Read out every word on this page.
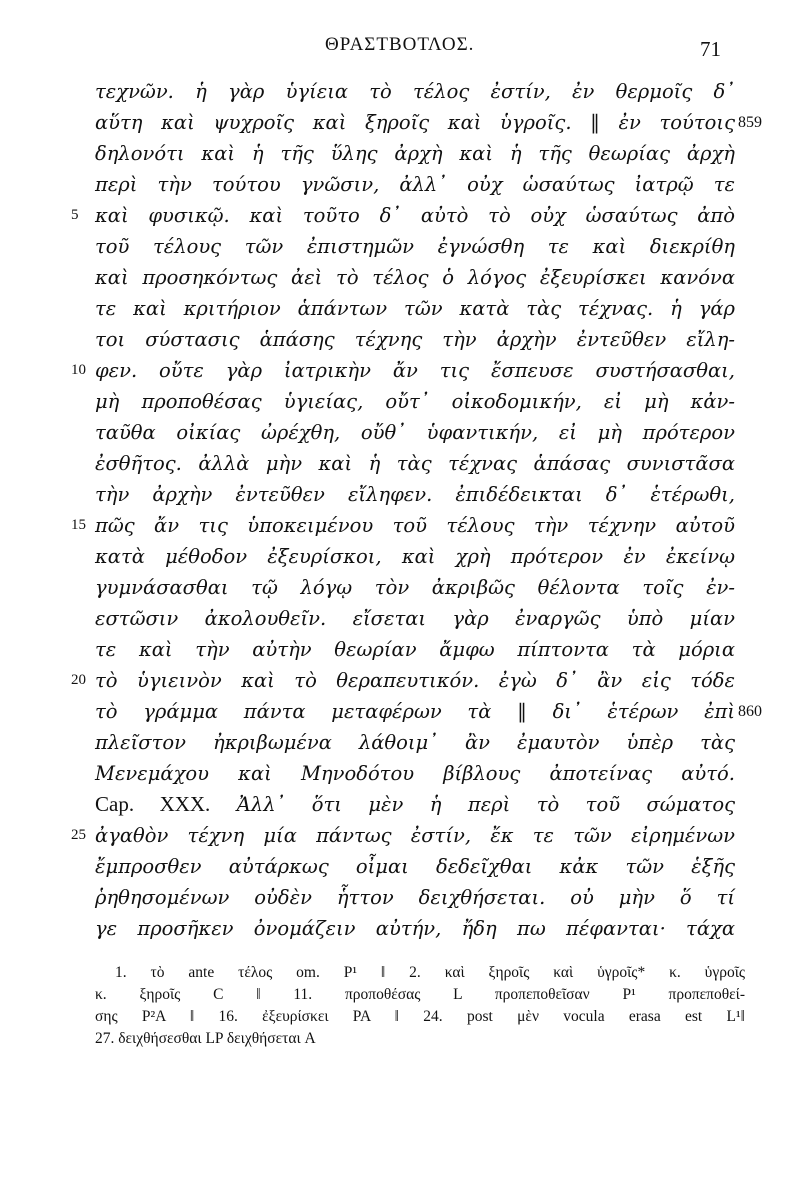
ΘΡΑΣΤΒΟΤΛΟΣ.	71
τεχνῶν. ἡ γὰρ ὑγίεια τὸ τέλος ἐστίν, ἐν θερμοῖς δ᾽
αὕτη καὶ ψυχροῖς καὶ ξηροῖς καὶ ὑγροῖς. ‖ ἐν τούτοις 859
δηλονότι καὶ ἡ τῆς ὕλης ἀρχὴ καὶ ἡ τῆς θεωρίας ἀρχὴ
περὶ τὴν τούτου γνῶσιν, ἀλλ᾽ οὐχ ὡσαύτως ἰατρῷ τε
5 καὶ φυσικῷ. καὶ τοῦτο δ᾽ αὐτὸ τὸ οὐχ ὡσαύτως ἀπὸ
τοῦ τέλους τῶν ἐπιστημῶν ἐγνώσθη τε καὶ διεκρίθη
καὶ προσηκόντως ἀεὶ τὸ τέλος ὁ λόγος ἐξευρίσκει κανόνα
τε καὶ κριτήριον ἁπάντων τῶν κατὰ τὰς τέχνας. ἡ γάρ
τοι σύστασις ἁπάσης τέχνης τὴν ἀρχὴν ἐντεῦθεν εἴλη-
10 φεν. οὔτε γὰρ ἰατρικὴν ἄν τις ἔσπευσε συστήσασθαι,
μὴ προποθέσας ὑγιείας, οὔτ᾽ οἰκοδομικήν, εἰ μὴ κἀν-
ταῦθα οἰκίας ὠρέχθη, οὔθ᾽ ὑφαντικήν, εἰ μὴ πρότερον
ἐσθῆτος. ἀλλὰ μὴν καὶ ἡ τὰς τέχνας ἁπάσας συνιστᾶσα
τὴν ἀρχὴν ἐντεῦθεν εἴληφεν. ἐπιδέδεικται δ᾽ ἑτέρωθι,
15 πῶς ἄν τις ὑποκειμένου τοῦ τέλους τὴν τέχνην αὐτοῦ
κατὰ μέθοδον ἐξευρίσκοι, καὶ χρὴ πρότερον ἐν ἐκείνῳ
γυμνάσασθαι τῷ λόγῳ τὸν ἀκριβῶς θέλοντα τοῖς ἐν-
εστῶσιν ἀκολουθεῖν. εἴσεται γὰρ ἐναργῶς ὑπὸ μίαν
τε καὶ τὴν αὐτὴν θεωρίαν ἄμφω πίπτοντα τὰ μόρια
20 τὸ ὑγιεινὸν καὶ τὸ θεραπευτικόν. ἐγὼ δ᾽ ἂν εἰς τόδε
τὸ γράμμα πάντα μεταφέρων τὰ ‖ δι᾽ ἑτέρων ἐπὶ 860
πλεῖστον ἠκριβωμένα λάθοιμ᾽ ἂν ἐμαυτὸν ὑπὲρ τὰς
Μενεμάχου καὶ Μηνοδότου βίβλους ἀποτείνας αὐτό.
Cap. XXX. Ἀλλ᾽ ὅτι μὲν ἡ περὶ τὸ τοῦ σώματος
25 ἀγαθὸν τέχνη μία πάντως ἐστίν, ἔκ τε τῶν εἰρημένων
ἔμπροσθεν αὐτάρκως οἶμαι δεδεῖχθαι κἀκ τῶν ἑξῆς
ῥηθησομένων οὐδὲν ἧττον δειχθήσεται. οὐ μὴν ὅ τί
γε προσῆκεν ὀνομάζειν αὐτήν, ἤδη πω πέφανται· τάχα
1. τὸ ante τέλος om. P¹ ‖ 2. καὶ ξηροῖς καὶ ὑγροῖς* κ. ὑγροῖς
κ. ξηροῖς C ‖ 11. προποθέσας L προπεποθεῖσαν P¹ προπεποθεί-
σης P²A ‖ 16. ἐξευρίσκει PA ‖ 24. post μὲν vocula erasa est L¹‖
27. δειχθήσεσθαι LP δειχθήσεται A
